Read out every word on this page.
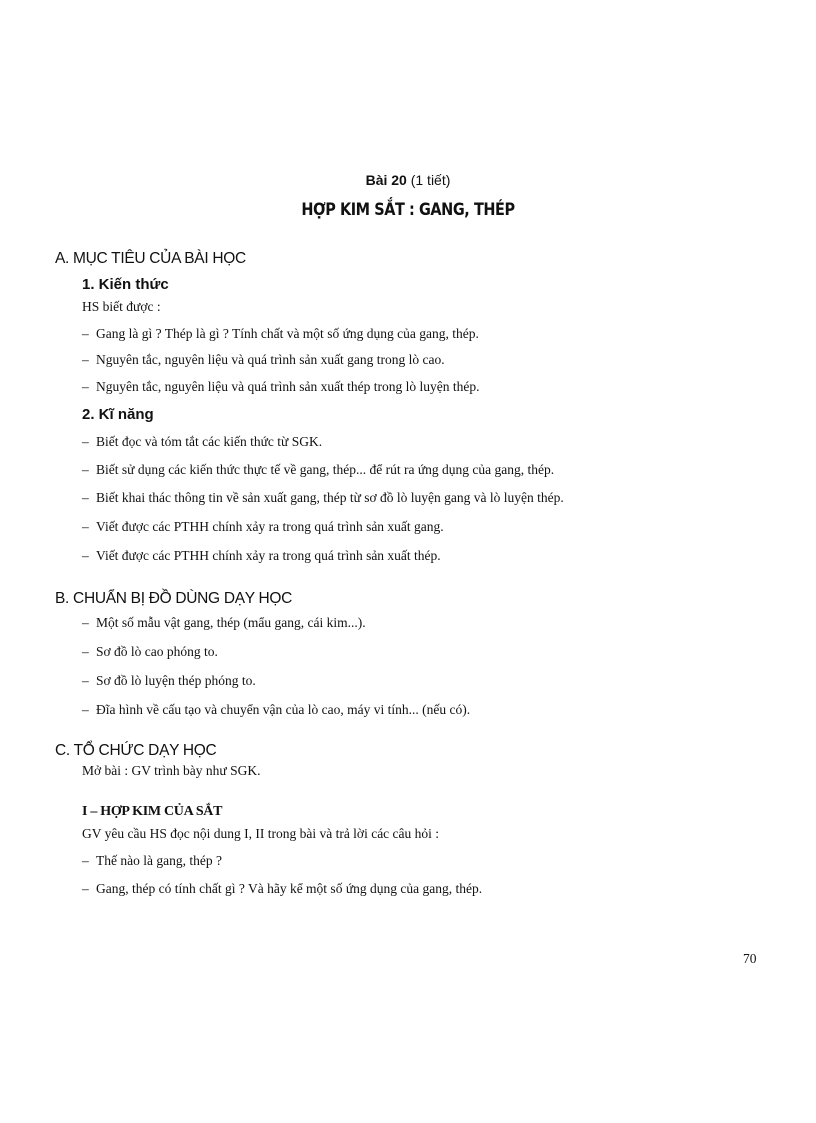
Bài 20 (1 tiết)
HỢP KIM SẮT : GANG, THÉP
A. MỤC TIÊU CỦA BÀI HỌC
1. Kiến thức
HS biết được :
– Gang là gì ? Thép là gì ? Tính chất và một số ứng dụng của gang, thép.
– Nguyên tắc, nguyên liệu và quá trình sản xuất gang trong lò cao.
– Nguyên tắc, nguyên liệu và quá trình sản xuất thép trong lò luyện thép.
2. Kĩ năng
– Biết đọc và tóm tắt các kiến thức từ SGK.
– Biết sử dụng các kiến thức thực tế về gang, thép... để rút ra ứng dụng của gang, thép.
– Biết khai thác thông tin về sản xuất gang, thép từ sơ đồ lò luyện gang và lò luyện thép.
– Viết được các PTHH chính xảy ra trong quá trình sản xuất gang.
– Viết được các PTHH chính xảy ra trong quá trình sản xuất thép.
B. CHUẨN BỊ ĐỒ DÙNG DẠY HỌC
– Một số mẫu vật gang, thép (mẩu gang, cái kim...).
– Sơ đồ lò cao phóng to.
– Sơ đồ lò luyện thép phóng to.
– Đĩa hình về cấu tạo và chuyển vận của lò cao, máy vi tính... (nếu có).
C. TỔ CHỨC DẠY HỌC
Mở bài : GV trình bày như SGK.
I – HỢP KIM CỦA SẮT
GV yêu cầu HS đọc nội dung I, II trong bài và trả lời các câu hỏi :
– Thế nào là gang, thép ?
– Gang, thép có tính chất gì ? Và hãy kể một số ứng dụng của gang, thép.
70
